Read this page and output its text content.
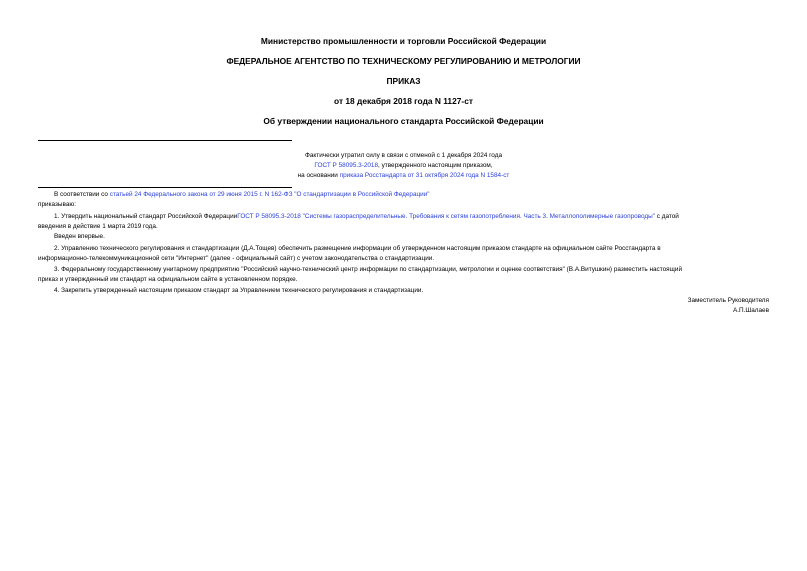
Министерство промышленности и торговли Российской Федерации
ФЕДЕРАЛЬНОЕ АГЕНТСТВО ПО ТЕХНИЧЕСКОМУ РЕГУЛИРОВАНИЮ И МЕТРОЛОГИИ
ПРИКАЗ
от 18 декабря 2018 года N 1127-ст
Об утверждении национального стандарта Российской Федерации
Фактически утратил силу в связи с отменой с 1 декабря 2024 года
ГОСТ Р 58095.3-2018, утвержденного настоящим приказом,
на основании приказа Росстандарта от 31 октября 2024 года N 1584-ст
В соответствии со статьей 24 Федерального закона от 29 июня 2015 г. N 162-ФЗ "О стандартизации в Российской Федерации"
приказываю:
1. Утвердить национальный стандарт Российской ФедерацииГОСТ Р 58095.3-2018 "Системы газораспределительные. Требования к сетям газопотребления. Часть 3. Металлополимерные газопроводы" с датой
введения в действие 1 марта 2019 года.
Введен впервые.
2. Управлению технического регулирования и стандартизации (Д.А.Тощев) обеспечить размещение информации об утвержденном настоящим приказом стандарте на официальном сайте Росстандарта в
информационно-телекоммуникационной сети "Интернет" (далее - официальный сайт) с учетом законодательства о стандартизации.
3. Федеральному государственному унитарному предприятию "Российский научно-технический центр информации по стандартизации, метрологии и оценке соответствия" (В.А.Витушкин) разместить настоящий
приказ и утвержденный им стандарт на официальном сайте в установленном порядке.
4. Закрепить утвержденный настоящим приказом стандарт за Управлением технического регулирования и стандартизации.
Заместитель Руководителя
А.П.Шалаев
